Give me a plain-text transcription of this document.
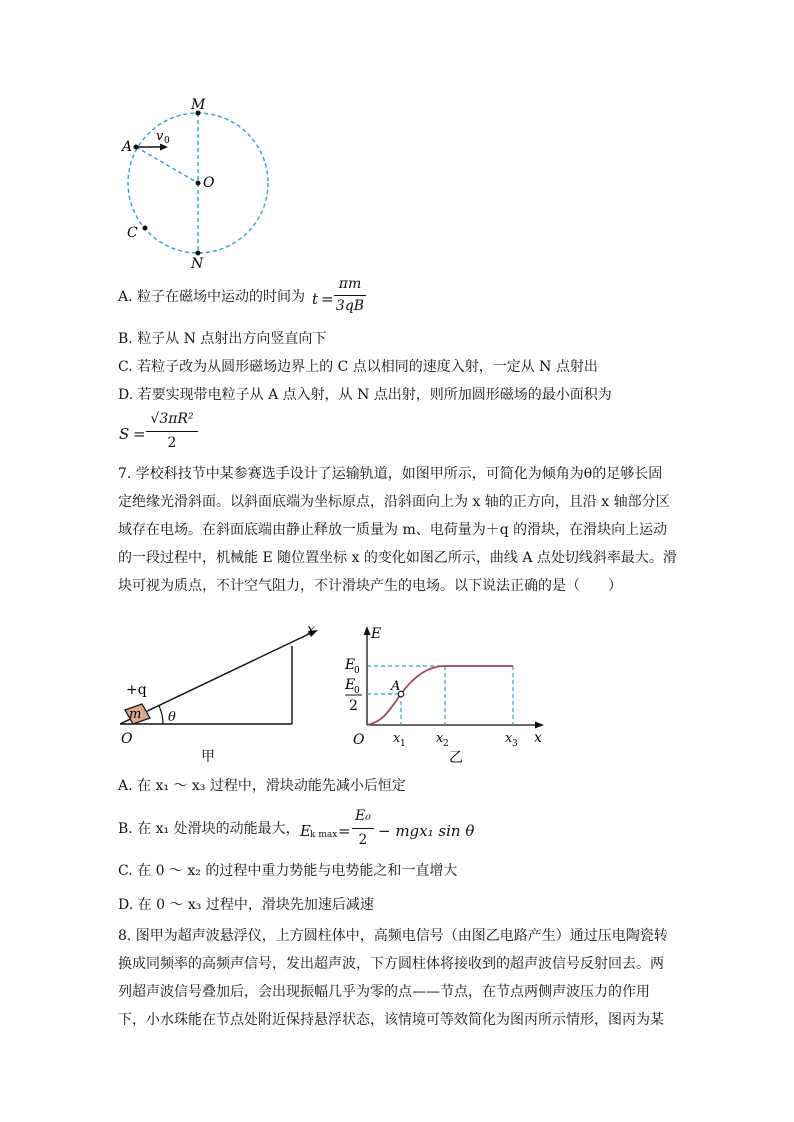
M
A
v 0
O
C
N
A. 粒子在磁场中运动的时间为 t =
πm
3qB
B. 粒子从 N 点射出方向竖直向下
C. 若粒子改为从圆形磁场边界上的 C 点以相同的速度入射，一定从 N 点射出
D. 若要实现带电粒子从 A 点入射，从 N 点出射，则所加圆形磁场的最小面积为
S =
√3πR²
2
7. 学校科技节中某参赛选手设计了运输轨道，如图甲所示，可简化为倾角为θ的足够长固
定绝缘光滑斜面。以斜面底端为坐标原点，沿斜面向上为 x 轴的正方向，且沿 x 轴部分区
域存在电场。在斜面底端由静止释放一质量为 m、电荷量为＋q 的滑块，在滑块向上运动
的一段过程中，机械能 E 随位置坐标 x 的变化如图乙所示，曲线 A 点处切线斜率最大。滑
块可视为质点，不计空气阻力，不计滑块产生的电场。以下说法正确的是（　　）
x
+q
m θ
O
甲
E
E
0
E
0
2
A
O x 1 x 2	x 3 x
乙
A. 在 x₁ ～ x₃ 过程中，滑块动能先减小后恒定
B. 在 x₁ 处滑块的动能最大， E k max =
E₀
2 − mgx₁ sin θ
C. 在 0 ～ x₂ 的过程中重力势能与电势能之和一直增大
D. 在 0 ～ x₃ 过程中，滑块先加速后减速
8. 图甲为超声波悬浮仪，上方圆柱体中，高频电信号（由图乙电路产生）通过压电陶瓷转
换成同频率的高频声信号，发出超声波，下方圆柱体将接收到的超声波信号反射回去。两
列超声波信号叠加后，会出现振幅几乎为零的点——节点，在节点两侧声波压力的作用
下，小水珠能在节点处附近保持悬浮状态，该情境可等效简化为图丙所示情形，图丙为某
